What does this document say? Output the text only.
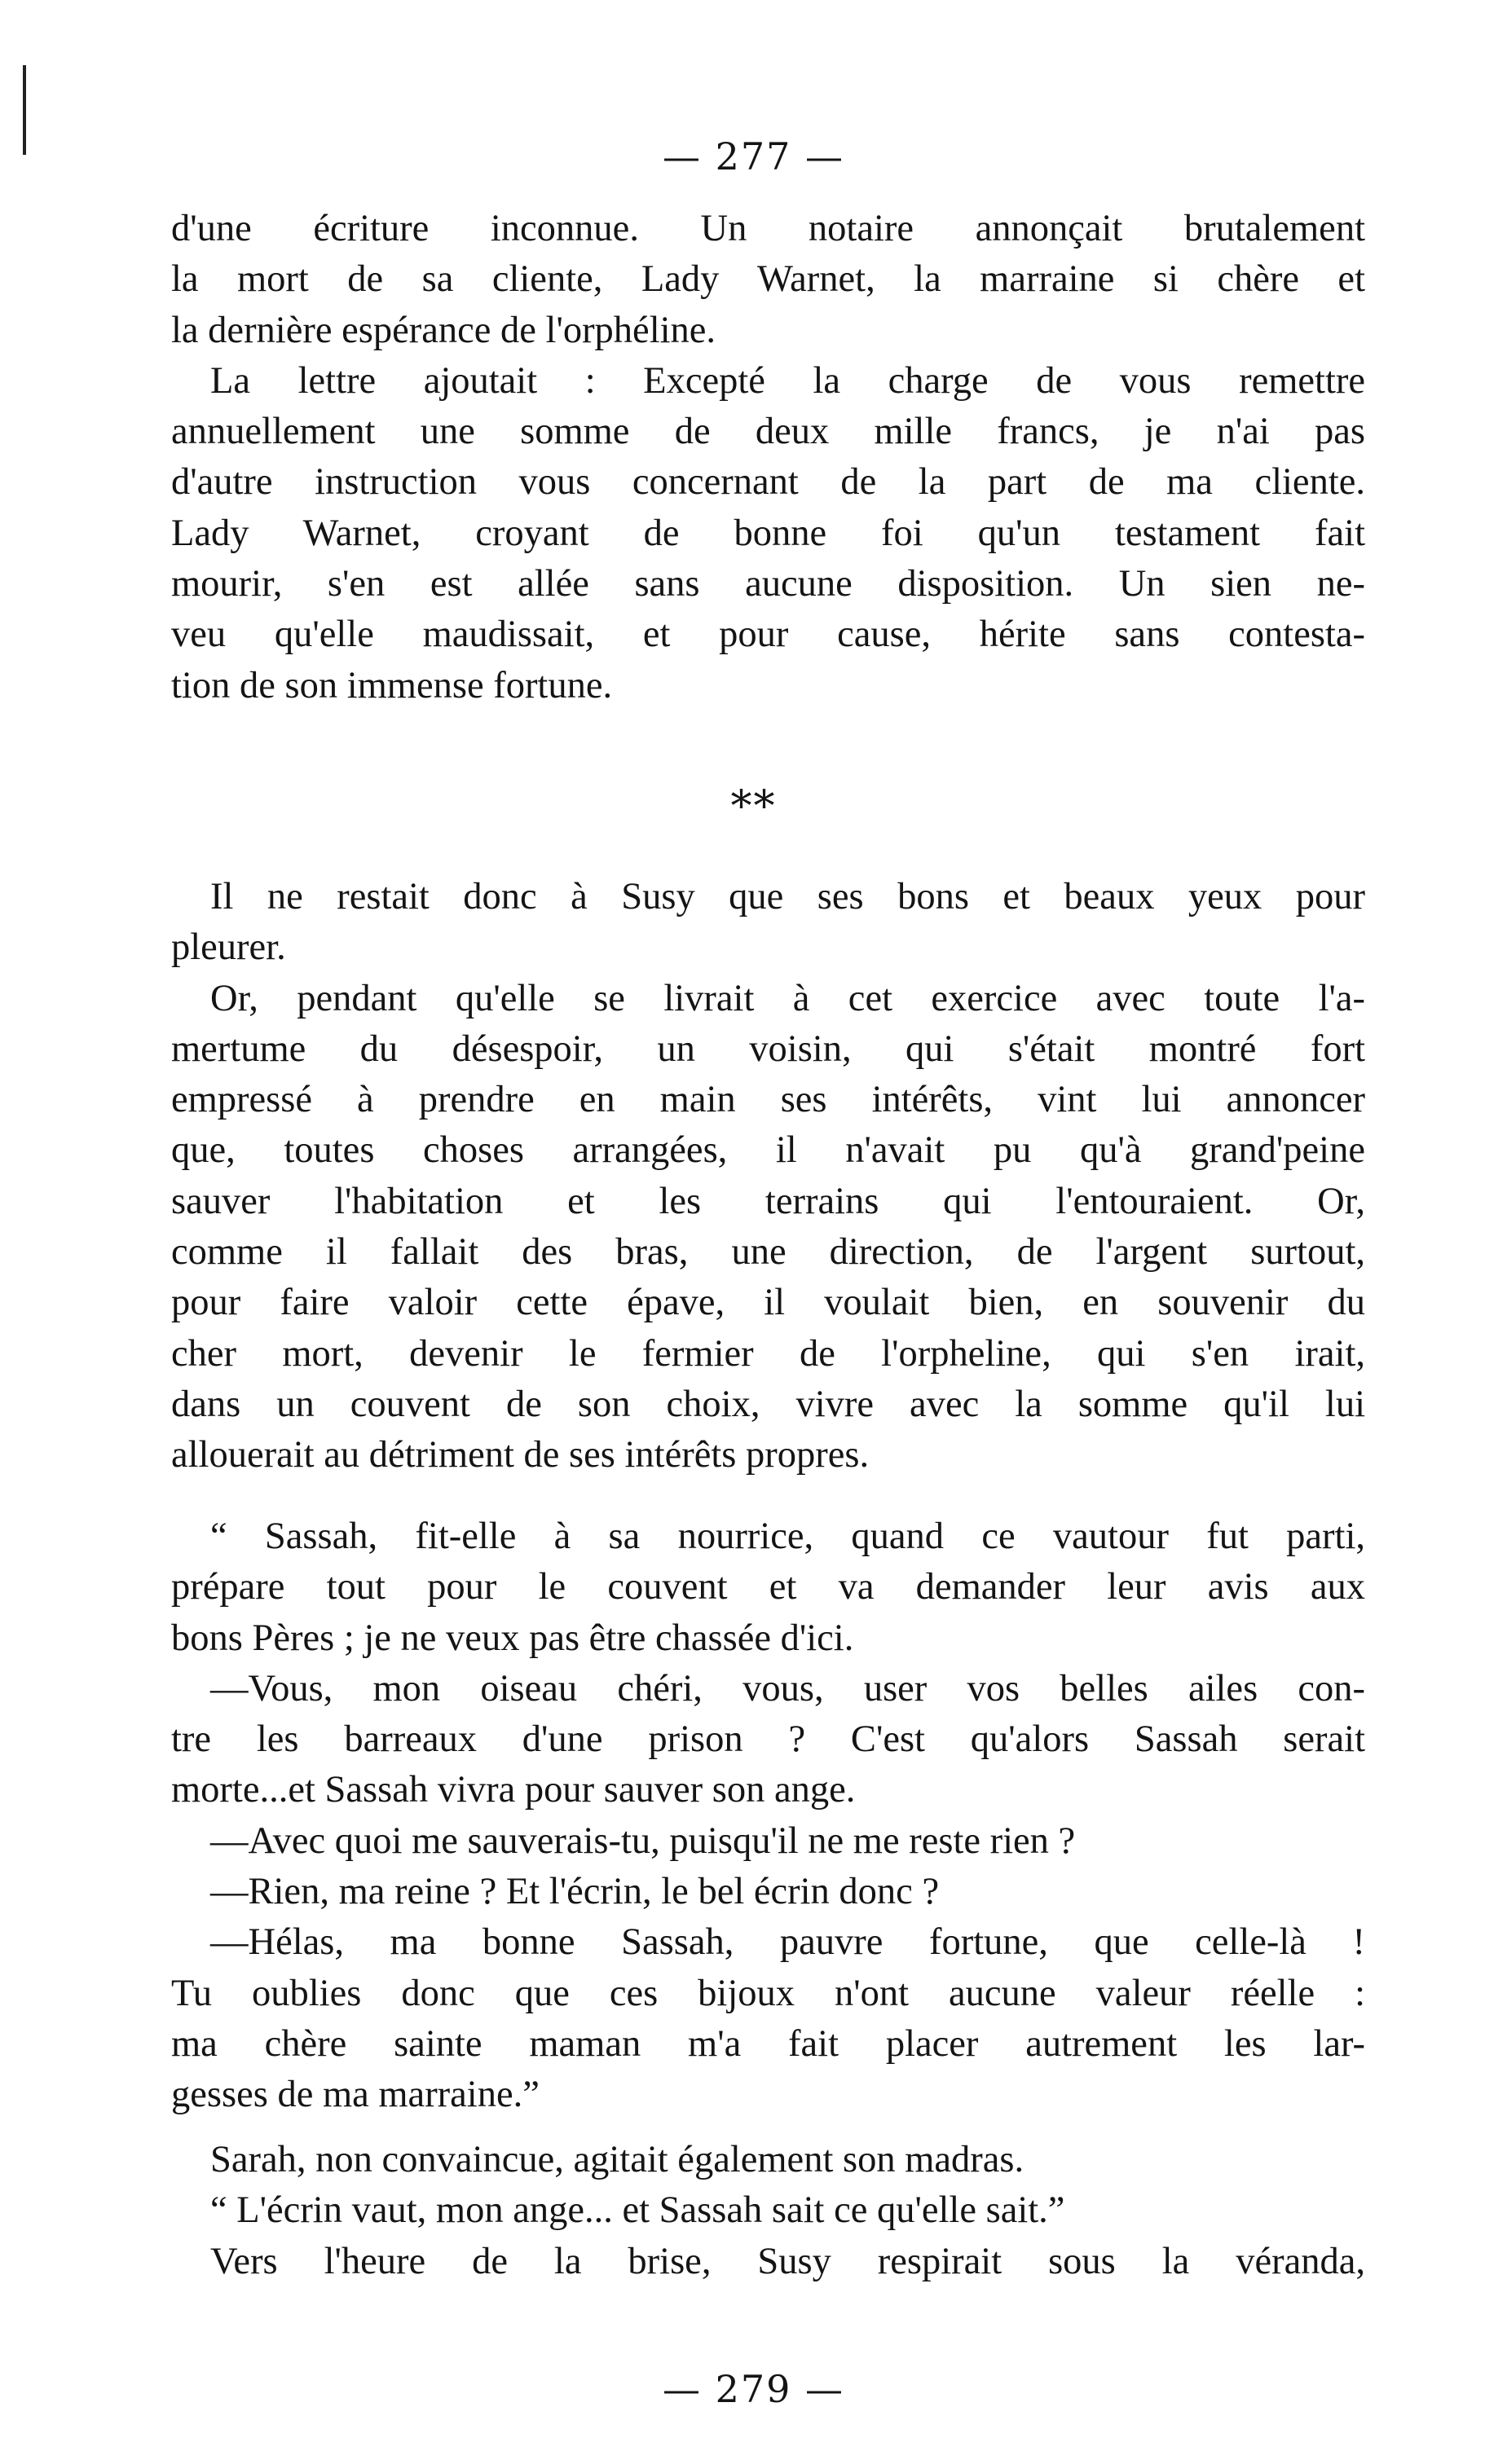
— 277 —
d'une écriture inconnue. Un notaire annonçait brutalement
la mort de sa cliente, Lady Warnet, la marraine si chère et
la dernière espérance de l'orphéline.
La lettre ajoutait : Excepté la charge de vous remettre
annuellement une somme de deux mille francs, je n'ai pas
d'autre instruction vous concernant de la part de ma cliente.
Lady Warnet, croyant de bonne foi qu'un testament fait
mourir, s'en est allée sans aucune disposition. Un sien ne-
veu qu'elle maudissait, et pour cause, hérite sans contesta-
tion de son immense fortune.
**
Il ne restait donc à Susy que ses bons et beaux yeux pour
pleurer.
Or, pendant qu'elle se livrait à cet exercice avec toute l'a-
mertume du désespoir, un voisin, qui s'était montré fort
empressé à prendre en main ses intérêts, vint lui annoncer
que, toutes choses arrangées, il n'avait pu qu'à grand'peine
sauver l'habitation et les terrains qui l'entouraient. Or,
comme il fallait des bras, une direction, de l'argent surtout,
pour faire valoir cette épave, il voulait bien, en souvenir du
cher mort, devenir le fermier de l'orpheline, qui s'en irait,
dans un couvent de son choix, vivre avec la somme qu'il lui
allouerait au détriment de ses intérêts propres.
“ Sassah, fit-elle à sa nourrice, quand ce vautour fut parti,
prépare tout pour le couvent et va demander leur avis aux
bons Pères ; je ne veux pas être chassée d'ici.
—Vous, mon oiseau chéri, vous, user vos belles ailes con-
tre les barreaux d'une prison ? C'est qu'alors Sassah serait
morte...et Sassah vivra pour sauver son ange.
—Avec quoi me sauverais-tu, puisqu'il ne me reste rien ?
—Rien, ma reine ? Et l'écrin, le bel écrin donc ?
—Hélas, ma bonne Sassah, pauvre fortune, que celle-là !
Tu oublies donc que ces bijoux n'ont aucune valeur réelle :
ma chère sainte maman m'a fait placer autrement les lar-
gesses de ma marraine.”
Sarah, non convaincue, agitait également son madras.
“ L'écrin vaut, mon ange... et Sassah sait ce qu'elle sait.”
Vers l'heure de la brise, Susy respirait sous la véranda,
— 279 —
